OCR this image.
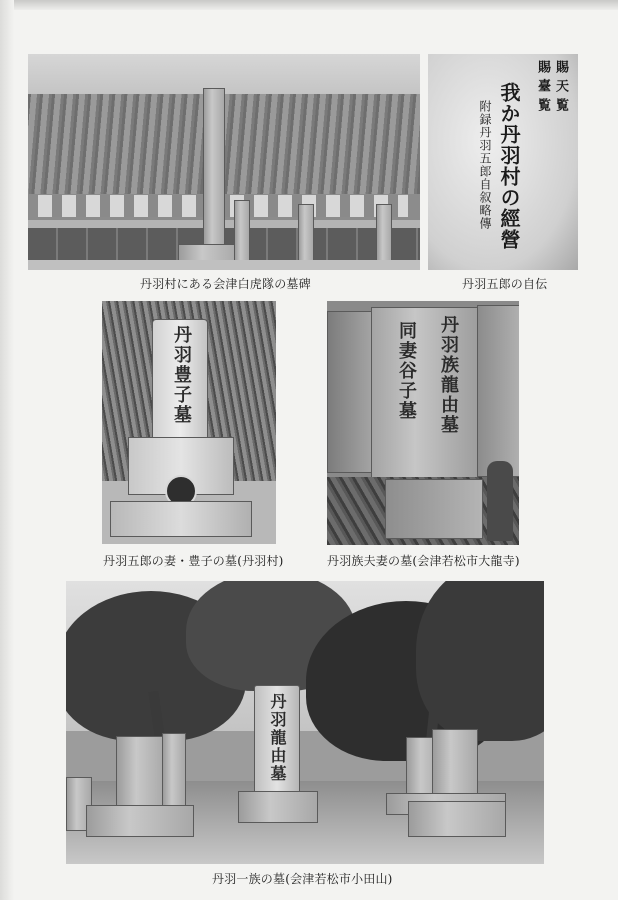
丹羽村にある会津白虎隊の墓碑
賜天覧
賜臺覧
我か丹羽村の經營
附録丹羽五郎自叙略傳
丹羽五郎の自伝
丹羽豊子墓
丹羽五郎の妻・豊子の墓(丹羽村)
丹羽族龍由墓
同妻谷子墓
丹羽族夫妻の墓(会津若松市大龍寺)
丹羽龍由墓
丹羽一族の墓(会津若松市小田山)
